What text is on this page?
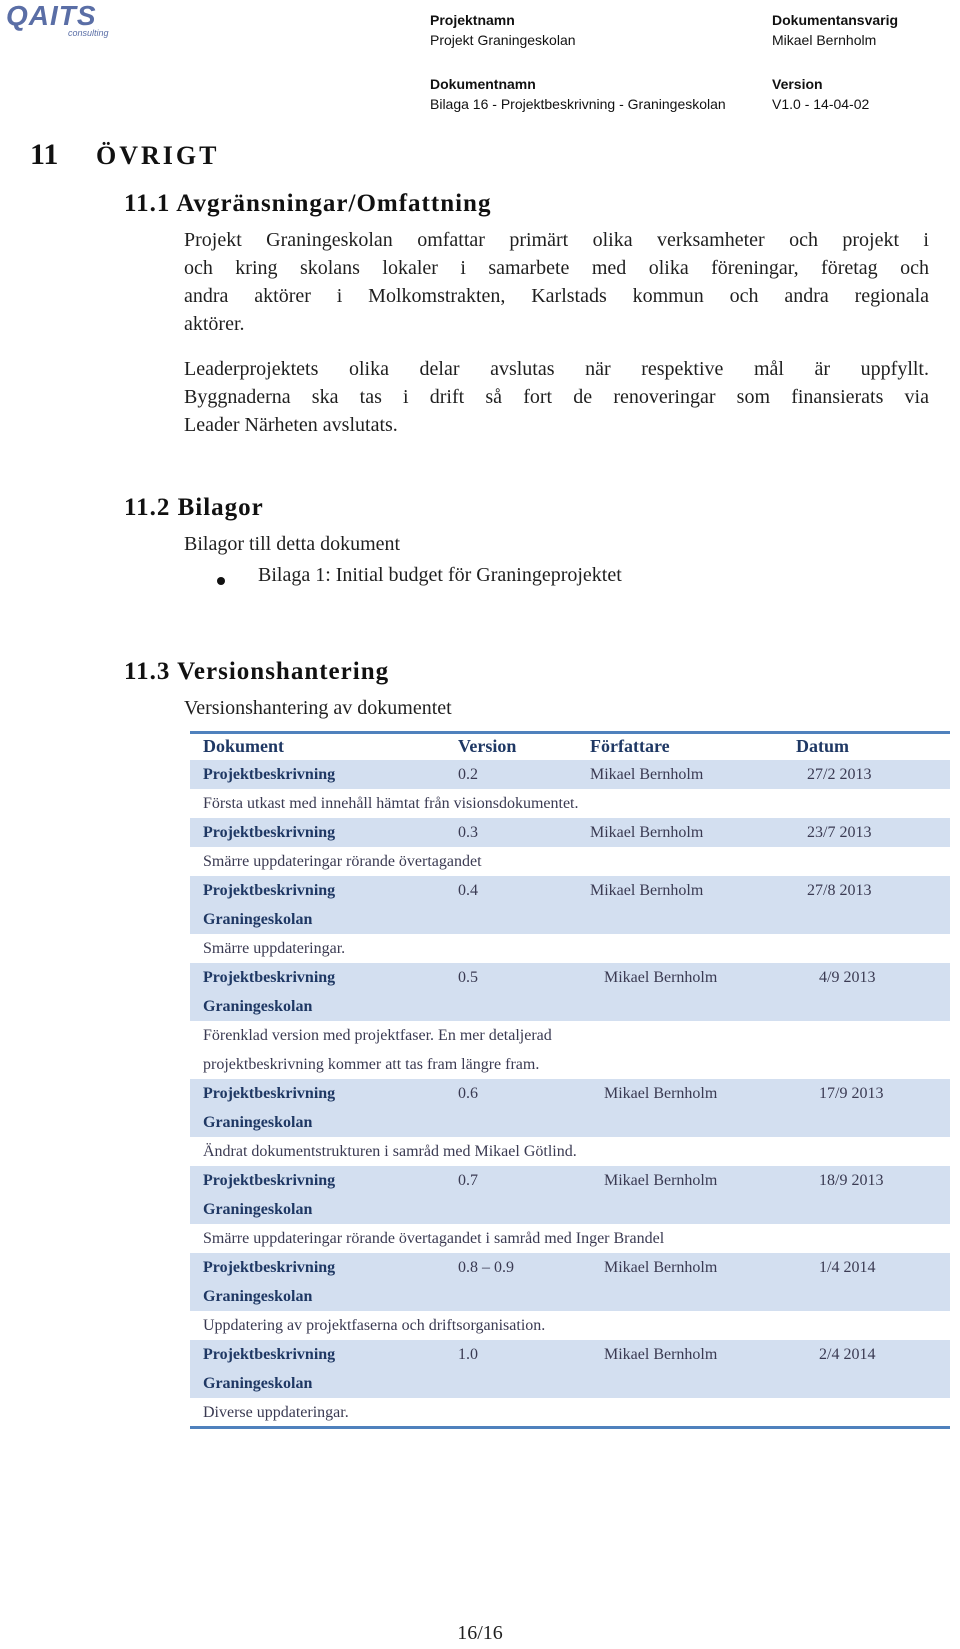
QAITS
consulting
Projektnamn
Projekt Graningeskolan
Dokumentansvarig
Mikael Bernholm
Dokumentnamn
Bilaga 16 - Projektbeskrivning - Graningeskolan
Version
V1.0 - 14-04-02
11 ÖVRIGT
11.1 Avgränsningar/Omfattning

Projekt Graningeskolan omfattar primärt olika verksamheter och projekt i

och kring skolans lokaler i samarbete med olika föreningar, företag och

andra aktörer i Molkomstrakten, Karlstads kommun och andra regionala

aktörer.

Leaderprojektets olika delar avslutas när respektive mål är uppfyllt.

Byggnaderna ska tas i drift så fort de renoveringar som finansierats via

Leader Närheten avslutats.

11.2 Bilagor

Bilagor till detta dokument

Bilaga 1: Initial budget för Graningeprojektet
11.3 Versionshantering

Versionshantering av dokumentet

Dokument	Version	Författare	Datum
Projektbeskrivning	0.2	Mikael Bernholm	27/2 2013
Första utkast med innehåll hämtat från visionsdokumentet.
Projektbeskrivning	0.3	Mikael Bernholm	23/7 2013
Smärre uppdateringar rörande övertagandet
Projektbeskrivning
Graningeskolan
0.4	Mikael Bernholm	27/8 2013
Smärre uppdateringar.
Projektbeskrivning
Graningeskolan
0.5	Mikael Bernholm	4/9 2013
Förenklad version med projektfaser. En mer detaljerad
projektbeskrivning kommer att tas fram längre fram.
Projektbeskrivning
Graningeskolan
0.6	Mikael Bernholm	17/9 2013
Ändrat dokumentstrukturen i samråd med Mikael Götlind.
Projektbeskrivning
Graningeskolan
0.7	Mikael Bernholm	18/9 2013
Smärre uppdateringar rörande övertagandet i samråd med Inger Brandel
Projektbeskrivning
Graningeskolan
0.8 – 0.9	Mikael Bernholm	1/4 2014
Uppdatering av projektfaserna och driftsorganisation.
Projektbeskrivning
Graningeskolan
1.0	Mikael Bernholm	2/4 2014
Diverse uppdateringar.
16/16
